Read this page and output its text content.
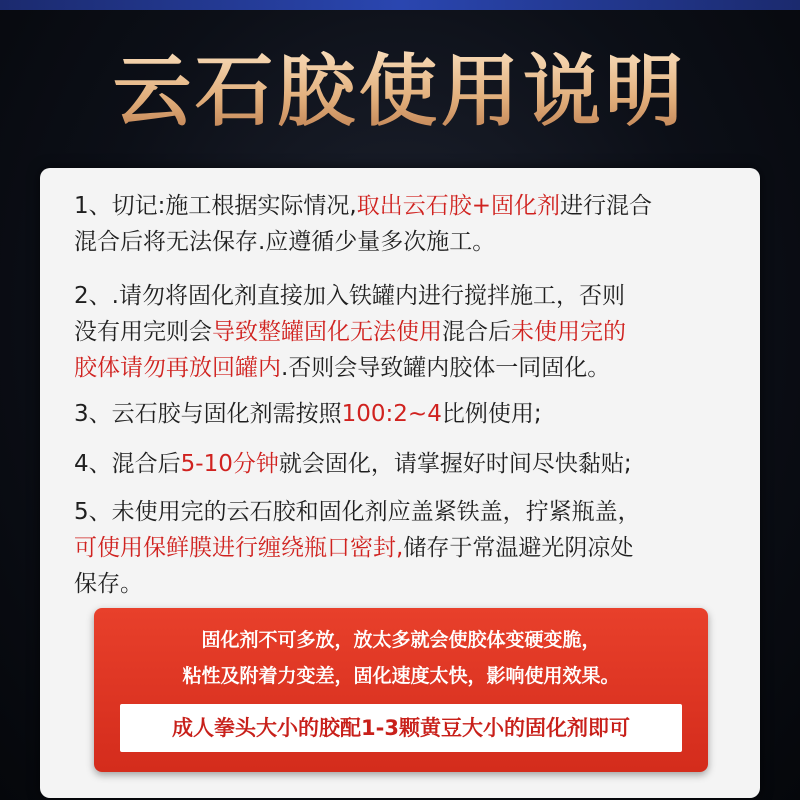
云石胶使用说明
1、切记:施工根据实际情况,取出云石胶+固化剂进行混合
混合后将无法保存.应遵循少量多次施工。
2、.请勿将固化剂直接加入铁罐内进行搅拌施工，否则
没有用完则会导致整罐固化无法使用混合后未使用完的
胶体请勿再放回罐内.否则会导致罐内胶体一同固化。
3、云石胶与固化剂需按照100:2~4比例使用;
4、混合后5-10分钟就会固化，请掌握好时间尽快黏贴;
5、未使用完的云石胶和固化剂应盖紧铁盖，拧紧瓶盖，
可使用保鲜膜进行缠绕瓶口密封,储存于常温避光阴凉处
保存。
固化剂不可多放，放太多就会使胶体变硬变脆，
粘性及附着力变差，固化速度太快，影响使用效果。
成人拳头大小的胶配1-3颗黄豆大小的固化剂即可
